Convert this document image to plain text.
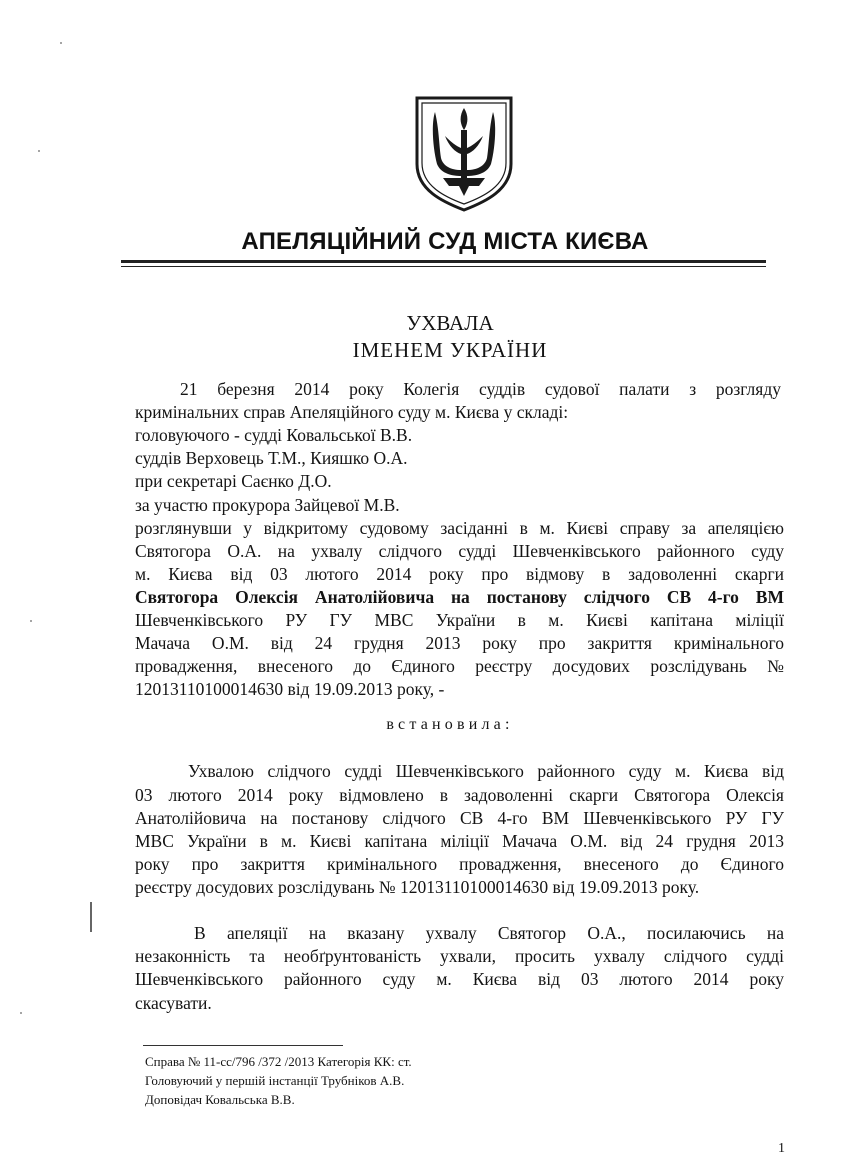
АПЕЛЯЦІЙНИЙ СУД МІСТА КИЄВА
УХВАЛА
ІМЕНЕМ УКРАЇНИ
21 березня 2014 року Колегія суддів судової палати з розгляду
кримінальних справ Апеляційного суду м. Києва у складі:
головуючого - судді Ковальської В.В.
суддів Верховець Т.М., Кияшко О.А.
при секретарі Саєнко Д.О.
за участю прокурора Зайцевої М.В.
розглянувши у відкритому судовому засіданні в м. Києві справу за апеляцією
Святогора О.А. на ухвалу слідчого судді Шевченківського районного суду
м. Києва від 03 лютого 2014 року про відмову в задоволенні скарги
Святогора Олексія Анатолійовича на постанову слідчого СВ 4-го ВМ
Шевченківського РУ ГУ МВС України в м. Києві капітана міліції
Мачача О.М. від 24 грудня 2013 року про закриття кримінального
провадження, внесеного до Єдиного реєстру досудових розслідувань №
12013110100014630 від 19.09.2013 року, -
встановила:
Ухвалою слідчого судді Шевченківського районного суду м. Києва від
03 лютого 2014 року відмовлено в задоволенні скарги Святогора Олексія
Анатолійовича на постанову слідчого СВ 4-го ВМ Шевченківського РУ ГУ
МВС України в м. Києві капітана міліції Мачача О.М. від 24 грудня 2013
року про закриття кримінального провадження, внесеного до Єдиного
реєстру досудових розслідувань № 12013110100014630 від 19.09.2013 року.
В апеляції на вказану ухвалу Святогор О.А., посилаючись на
незаконність та необґрунтованість ухвали, просить ухвалу слідчого судді
Шевченківського районного суду м. Києва від 03 лютого 2014 року
скасувати.
Справа № 11-сс/796 /372 /2013 Категорія КК: ст.
Головуючий у першій інстанції Трубніков А.В.
Доповідач Ковальська В.В.
1
